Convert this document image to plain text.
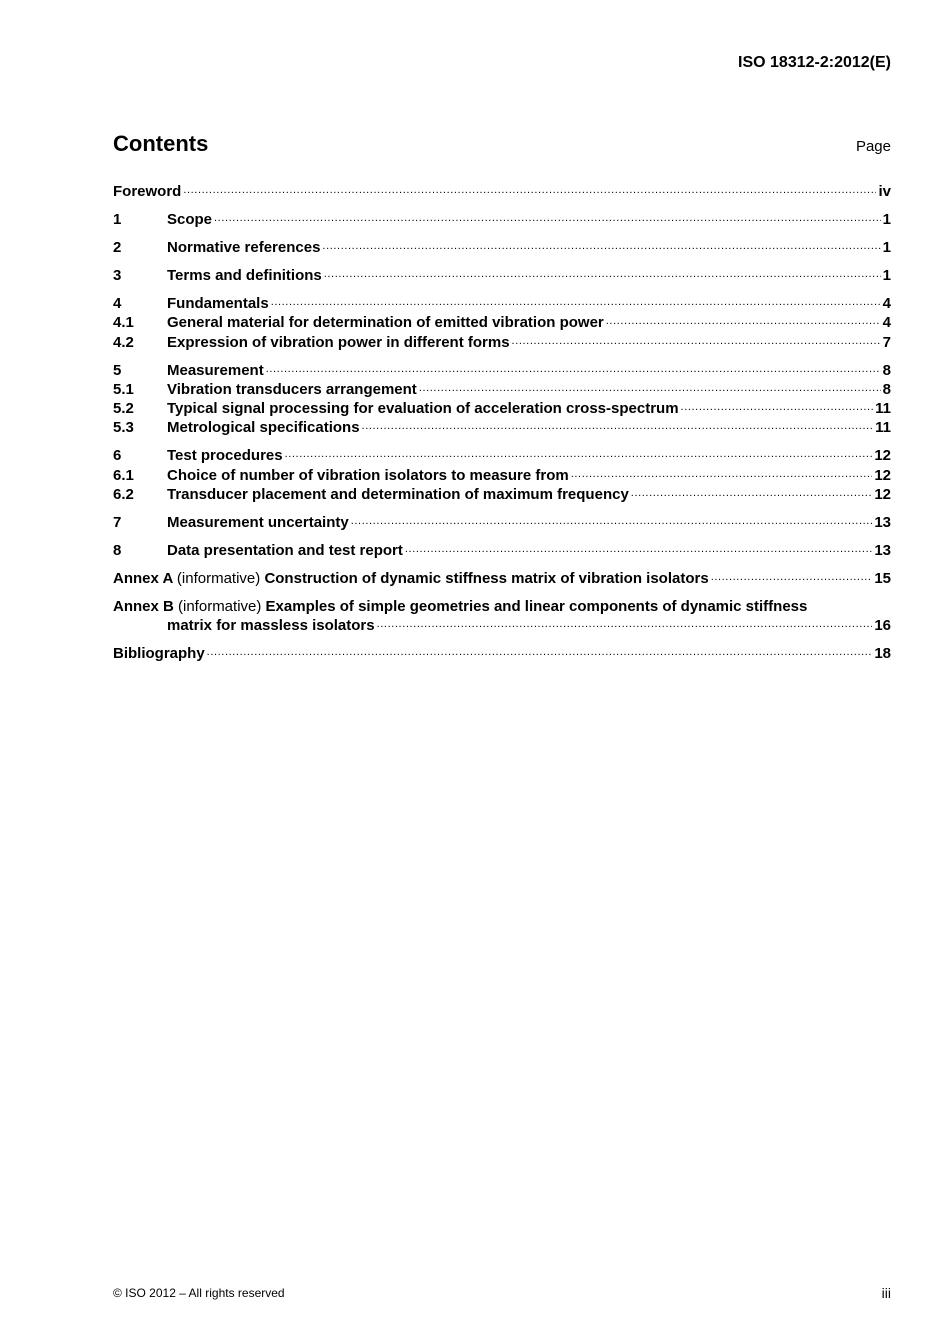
ISO 18312-2:2012(E)
Contents	Page
Foreword .....	iv
1	Scope .....	1
2	Normative references .....	1
3	Terms and definitions .....	1
4	Fundamentals .....	4
4.1	General material for determination of emitted vibration power .....	4
4.2	Expression of vibration power in different forms .....	7
5	Measurement .....	8
5.1	Vibration transducers arrangement .....	8
5.2	Typical signal processing for evaluation of acceleration cross-spectrum .....	11
5.3	Metrological specifications .....	11
6	Test procedures .....	12
6.1	Choice of number of vibration isolators to measure from .....	12
6.2	Transducer placement and determination of maximum frequency .....	12
7	Measurement uncertainty .....	13
8	Data presentation and test report .....	13
Annex A (informative) Construction of dynamic stiffness matrix of vibration isolators .....	15
Annex B (informative) Examples of simple geometries and linear components of dynamic stiffness
matrix for massless isolators .....	16
Bibliography .....	18
© ISO 2012 – All rights reserved	iii
